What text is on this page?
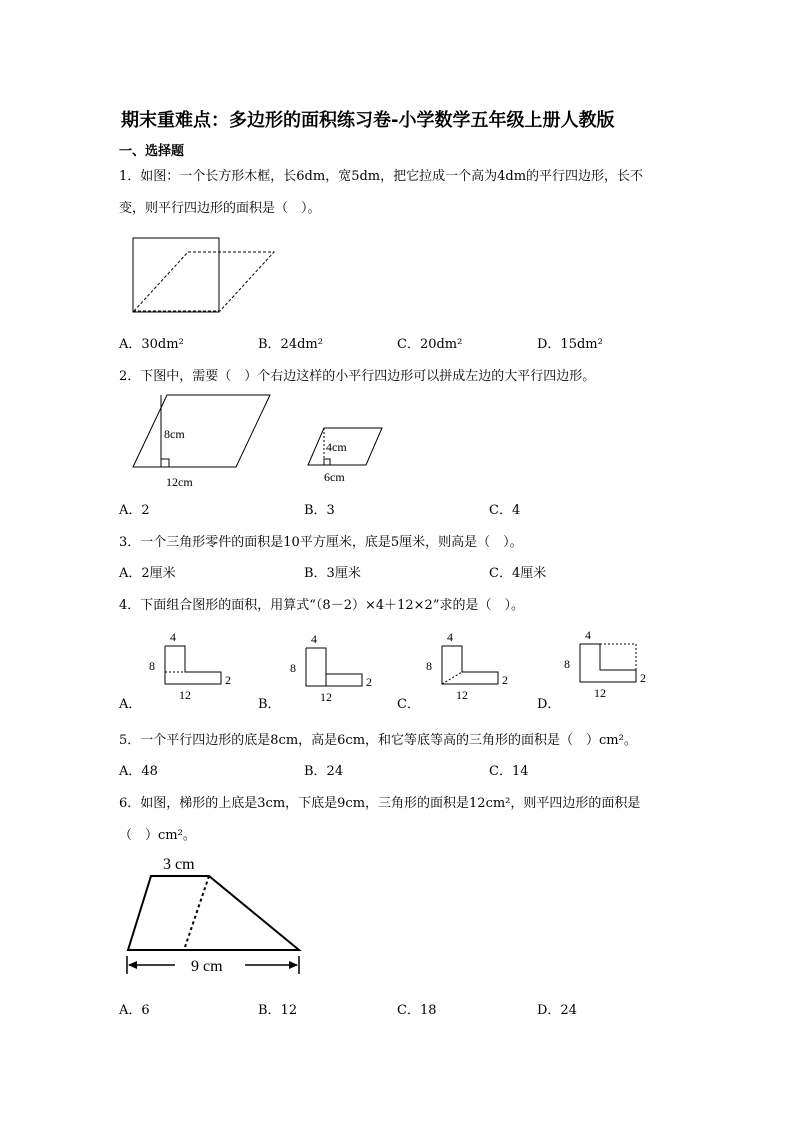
期末重难点：多边形的面积练习卷-小学数学五年级上册人教版
一、选择题
1．如图：一个长方形木框，长6dm，宽5dm，把它拉成一个高为4dm的平行四边形，长不
变，则平行四边形的面积是（　）。
A．30dm²	B．24dm²	C．20dm²	D．15dm²
2．下图中，需要（　）个右边这样的小平行四边形可以拼成左边的大平行四边形。
8cm
12cm
4cm
6cm
A．2	B．3	C．4
3．一个三角形零件的面积是10平方厘米，底是5厘米，则高是（　）。
A．2厘米	B．3厘米	C．4厘米
4．下面组合图形的面积，用算式“（8－2）×4＋12×2”求的是（　）。
4
8
12
2
4
8
12
2
4
8
12
2
4
8
12
2
A．	B．	C．	D．
5．一个平行四边形的底是8cm，高是6cm，和它等底等高的三角形的面积是（　）cm²。
A．48	B．24	C．14
6．如图，梯形的上底是3cm，下底是9cm，三角形的面积是12cm²，则平四边形的面积是
（　）cm²。
3 cm
9 cm
A．6	B．12	C．18	D．24
